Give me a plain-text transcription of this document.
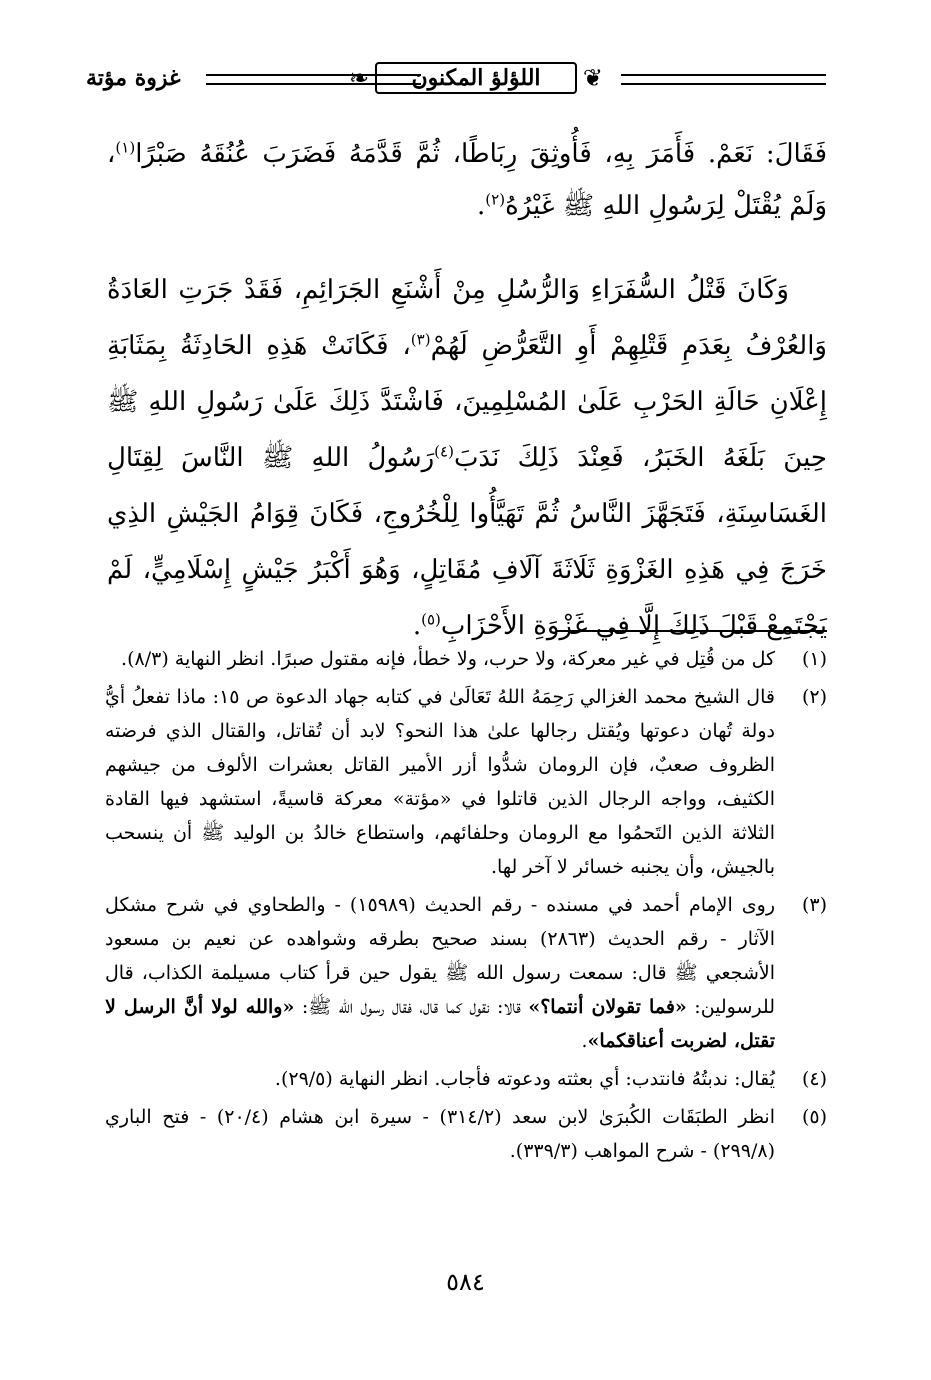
❦
اللؤلؤ المكنون
❧
غزوة مؤتة

فَقَالَ: نَعَمْ. فَأَمَرَ بِهِ، فَأُوثِقَ رِبَاطًا، ثُمَّ قَدَّمَهُ فَضَرَبَ عُنُقَهُ صَبْرًا$^{(١)}$، وَلَمْ يُقْتَلْ لِرَسُولِ اللهِ ﷺ غَيْرُهُ$^{(٢)}$.

وَكَانَ قَتْلُ السُّفَرَاءِ وَالرُّسُلِ مِنْ أَشْنَعِ الجَرَائِمِ، فَقَدْ جَرَتِ العَادَةُ وَالعُرْفُ بِعَدَمِ قَتْلِهِمْ أَوِ التَّعَرُّضِ لَهُمْ$^{(٣)}$، فَكَانَتْ هَذِهِ الحَادِثَةُ بِمَثَابَةِ إِعْلَانِ حَالَةِ الحَرْبِ عَلَىٰ المُسْلِمِينَ، فَاشْتَدَّ ذَلِكَ عَلَىٰ رَسُولِ اللهِ ﷺ حِينَ بَلَغَهُ الخَبَرُ، فَعِنْدَ ذَلِكَ نَدَبَ$^{(٤)}$رَسُولُ اللهِ ﷺ النَّاسَ لِقِتَالِ الغَسَاسِنَةِ، فَتَجَهَّزَ النَّاسُ ثُمَّ تَهَيَّأُوا لِلْخُرُوجِ، فَكَانَ قِوَامُ الجَيْشِ الذِي خَرَجَ فِي هَذِهِ الغَزْوَةِ ثَلَاثَةَ آلَافِ مُقَاتِلٍ، وَهُوَ أَكْبَرُ جَيْشٍ إِسْلَامِيٍّ، لَمْ يَجْتَمِعْ قَبْلَ ذَلِكَ إِلَّا فِي غَزْوَةِ الأَحْزَابِ$^{(٥)}$.

(١)
كل من قُتِل في غير معركة، ولا حرب، ولا خطأ، فإنه مقتول صبرًا. انظر النهاية (٨/٣).
(٢)
قال الشيخ محمد الغزالي رَحِمَهُ اللهُ تَعَالَىٰ في كتابه جهاد الدعوة ص ١٥: ماذا تفعلُ أيُّ دولة تُهان دعوتها ويُقتل رجالها علىٰ هذا النحو؟ لابد أن تُقاتل، والقتال الذي فرضته الظروف صعبٌ، فإن الرومان شدُّوا أزر الأمير القاتل بعشرات الألوف من جيشهم الكثيف، وواجه الرجال الذين قاتلوا في «مؤتة» معركة قاسيةً، استشهد فيها القادة الثلاثة الذين التَحمُوا مع الرومان وحلفائهم، واستطاع خالدُ بن الوليد ﷺ أن ينسحب بالجيش، وأن يجنبه خسائر لا آخر لها.
(٣)
روى الإمام أحمد في مسنده - رقم الحديث (١٥٩٨٩) - والطحاوي في شرح مشكل الآثار - رقم الحديث (٢٨٦٣) بسند صحيح بطرقه وشواهده عن نعيم بن مسعود الأشجعي ﷺ قال: سمعت رسول الله ﷺ يقول حين قرأ كتاب مسيلمة الكذاب، قال للرسولين: «فما تقولان أنتما؟» قالا: نقول كما قال، فقال رسول الله ﷺ: «والله لولا أنَّ الرسل لا تقتل، لضربت أعناقكما».
(٤)
يُقال: ندبتُهُ فانتدب: أي بعثته ودعوته فأجاب. انظر النهاية (٢٩/٥).
(٥)
انظر الطبَقَات الكُبرَىٰ لابن سعد (٣١٤/٢) - سيرة ابن هشام (٢٠/٤) - فتح الباري (٢٩٩/٨) - شرح المواهب (٣٣٩/٣).
٥٨٤
